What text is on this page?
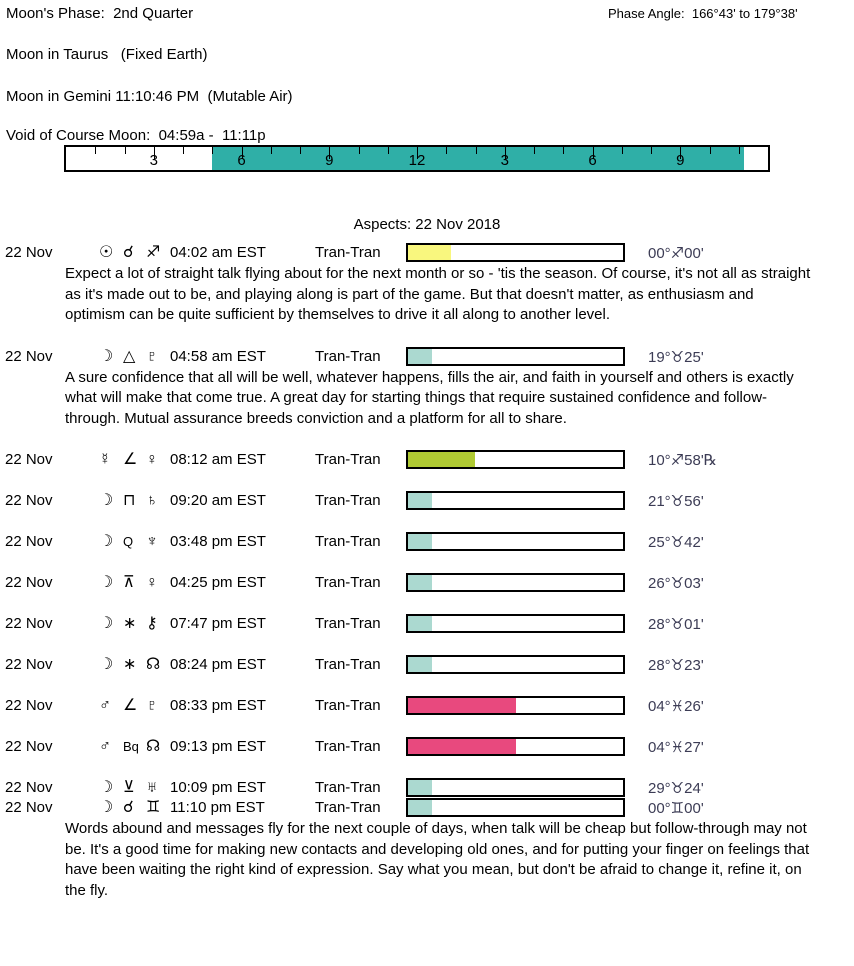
Moon's Phase:  2nd Quarter	Phase Angle:  166°43' to 179°38'
Moon in Taurus   (Fixed Earth)
Moon in Gemini 11:10:46 PM  (Mutable Air)
Void of Course Moon:  04:59a -  11:11p
3	6	9	12	3	6	9
Aspects: 22 Nov 2018
22 Nov	☉ ☌ ♐ 04:02 am EST	Tran-Tran	00°♐00'
Expect a lot of straight talk flying about for the next month or so - 'tis the season. Of course, it's not all as straight as it's made out to be, and playing along is part of the game. But that doesn't matter, as enthusiasm and optimism can be quite sufficient by themselves to drive it all along to another level.
22 Nov	☽ △ ♇ 04:58 am EST	Tran-Tran	19°♉25'
A sure confidence that all will be well, whatever happens, fills the air, and faith in yourself and others is exactly what will make that come true. A great day for starting things that require sustained confidence and follow-through. Mutual assurance breeds conviction and a platform for all to share.
22 Nov	☿ ∠ ♀ 08:12 am EST	Tran-Tran	10°♐58'℞
22 Nov	☽ ⊓ ♄ 09:20 am EST	Tran-Tran	21°♉56'
22 Nov	☽ Q ♆ 03:48 pm EST	Tran-Tran	25°♉42'
22 Nov	☽ ⊼ ♀ 04:25 pm EST	Tran-Tran	26°♉03'
22 Nov	☽ ∗ ⚷ 07:47 pm EST	Tran-Tran	28°♉01'
22 Nov	☽ ∗ ☊ 08:24 pm EST	Tran-Tran	28°♉23'
22 Nov	♂ ∠ ♇ 08:33 pm EST	Tran-Tran	04°♓26'
22 Nov	♂ Bq ☊ 09:13 pm EST	Tran-Tran	04°♓27'
22 Nov	☽ ⊻ ♅ 10:09 pm EST	Tran-Tran	29°♉24'
22 Nov	☽ ☌ ♊ 11:10 pm EST	Tran-Tran	00°♊00'
Words abound and messages fly for the next couple of days, when talk will be cheap but follow-through may not be. It's a good time for making new contacts and developing old ones, and for putting your finger on feelings that have been waiting the right kind of expression. Say what you mean, but don't be afraid to change it, refine it, on the fly.
